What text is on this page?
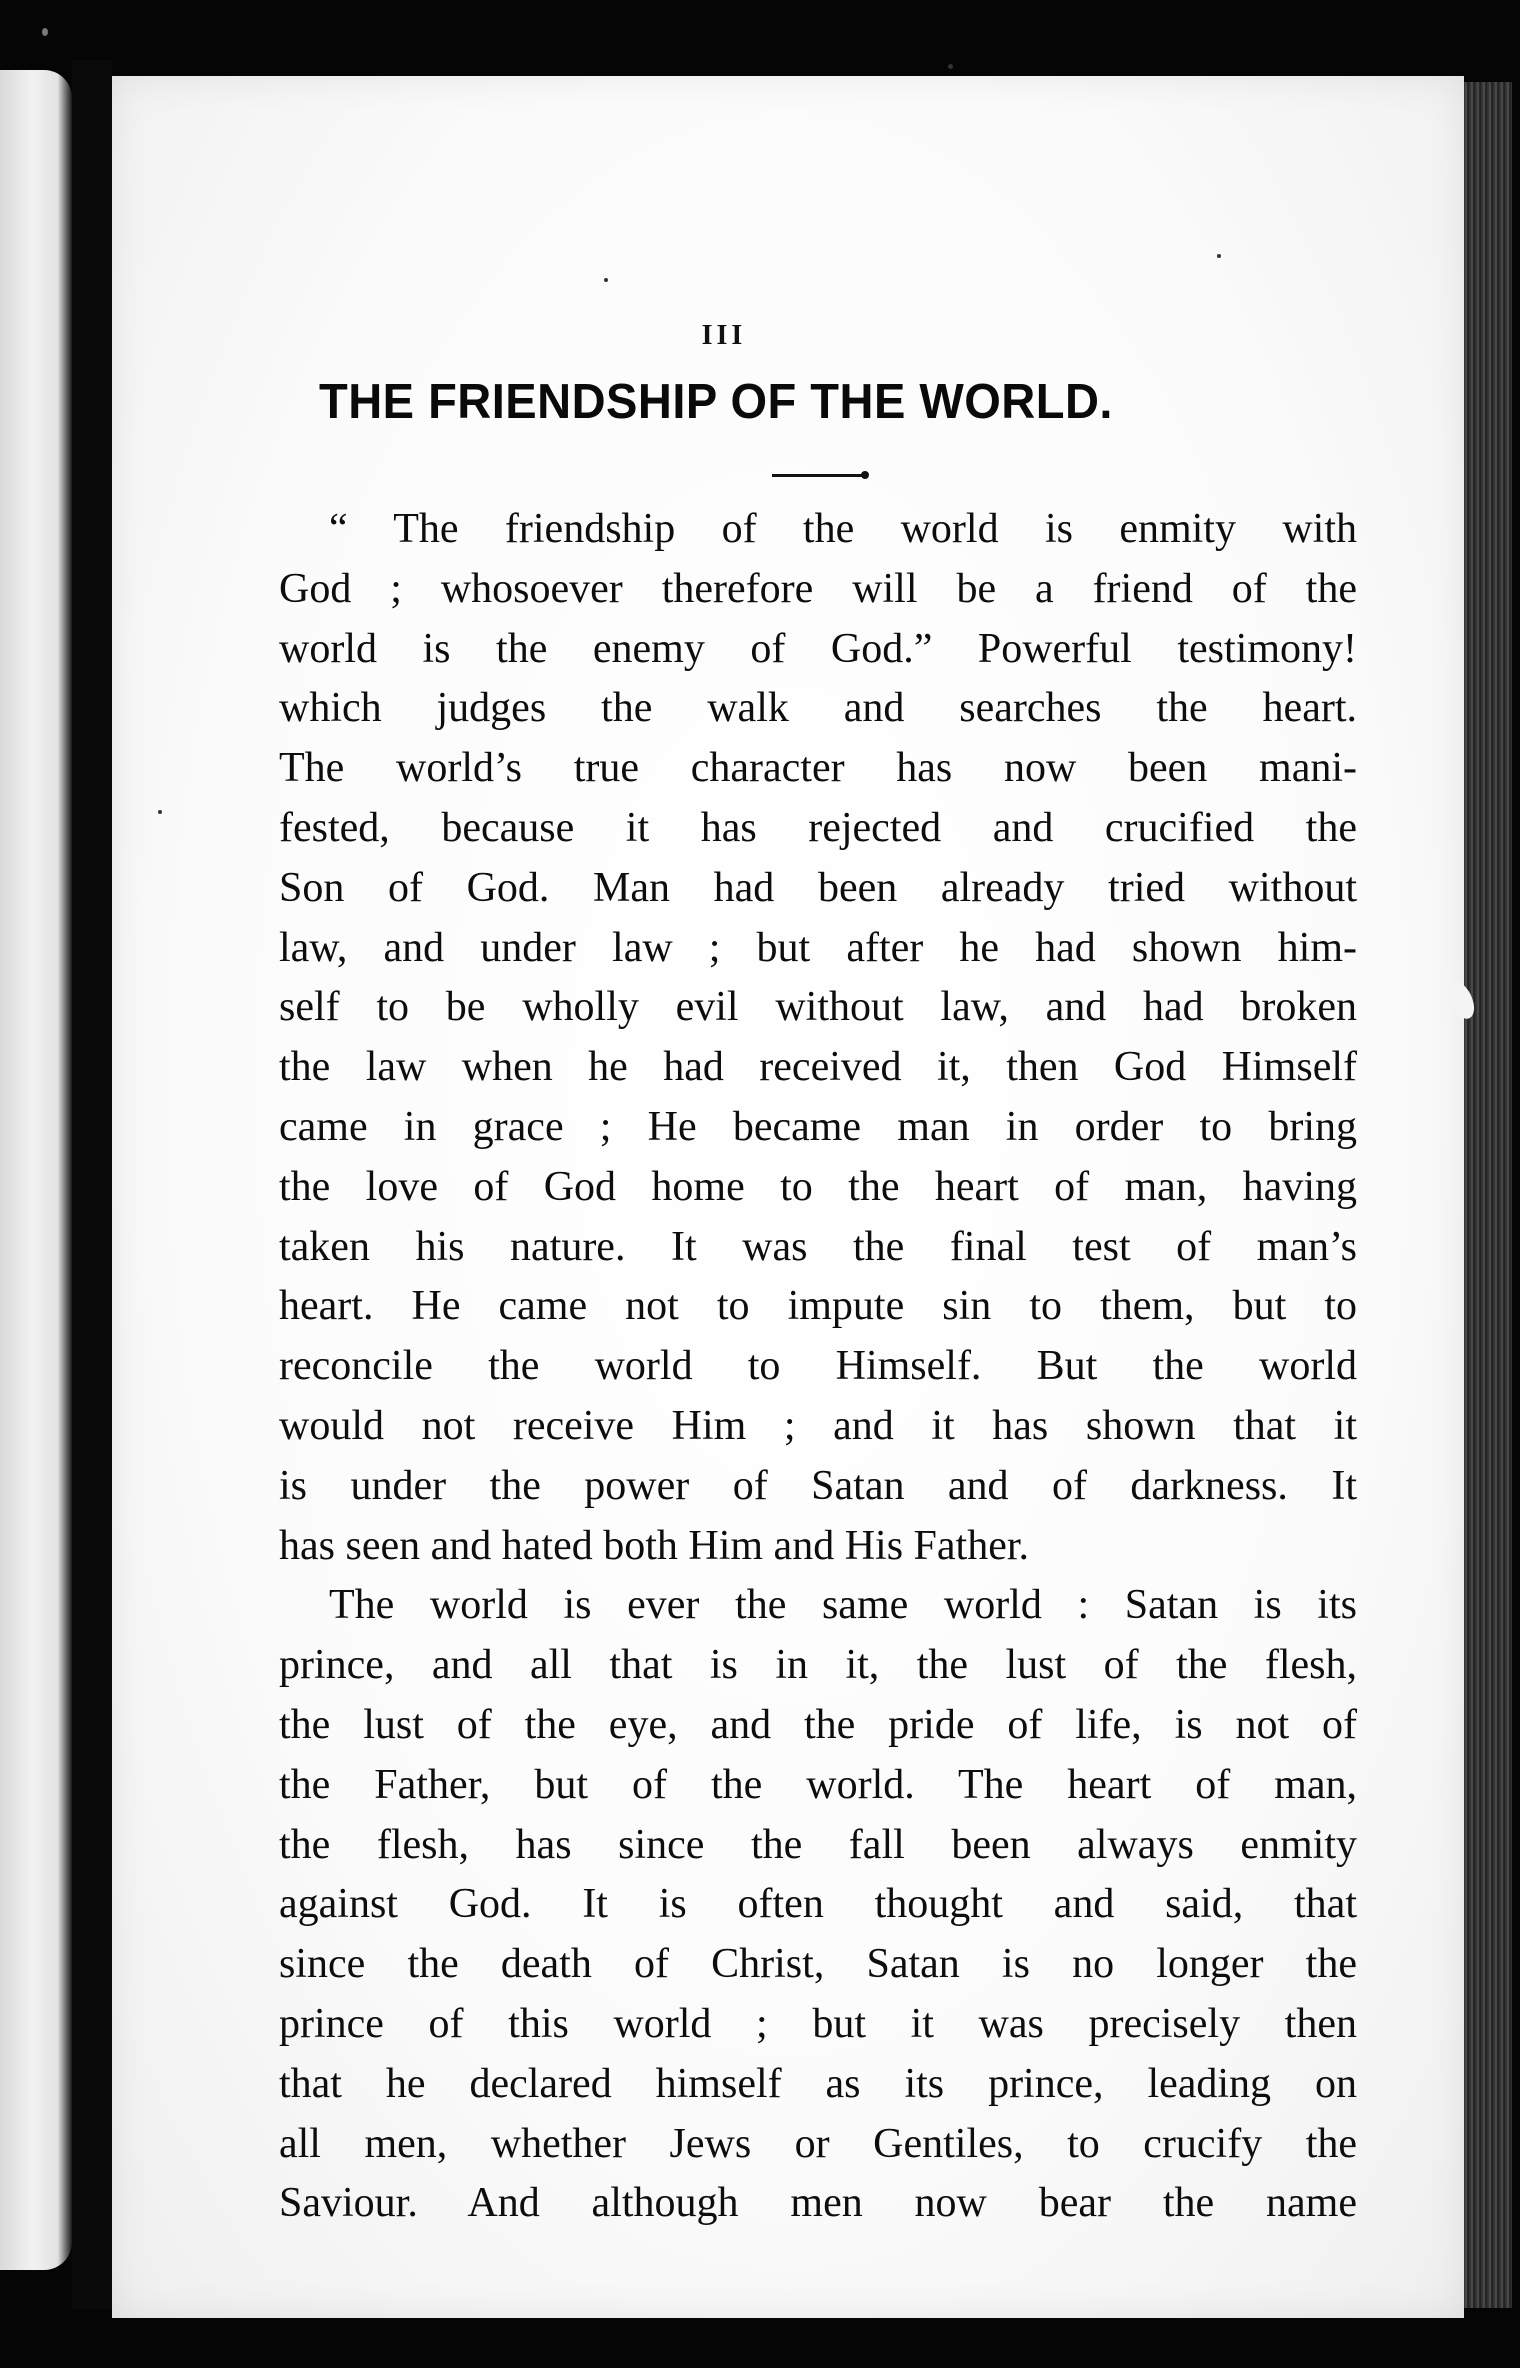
III
THE FRIENDSHIP OF THE WORLD.
“ The friendship of the world is enmity with
God ; whosoever therefore will be a friend of the
world is the enemy of God.” Powerful testimony!
which judges the walk and searches the heart.
The world’s true character has now been mani-
fested, because it has rejected and crucified the
Son of God. Man had been already tried without
law, and under law ; but after he had shown him-
self to be wholly evil without law, and had broken
the law when he had received it, then God Himself
came in grace ; He became man in order to bring
the love of God home to the heart of man, having
taken his nature. It was the final test of man’s
heart. He came not to impute sin to them, but to
reconcile the world to Himself. But the world
would not receive Him ; and it has shown that it
is under the power of Satan and of darkness. It
has seen and hated both Him and His Father.
The world is ever the same world : Satan is its
prince, and all that is in it, the lust of the flesh,
the lust of the eye, and the pride of life, is not of
the Father, but of the world. The heart of man,
the flesh, has since the fall been always enmity
against God. It is often thought and said, that
since the death of Christ, Satan is no longer the
prince of this world ; but it was precisely then
that he declared himself as its prince, leading on
all men, whether Jews or Gentiles, to crucify the
Saviour. And although men now bear the name
